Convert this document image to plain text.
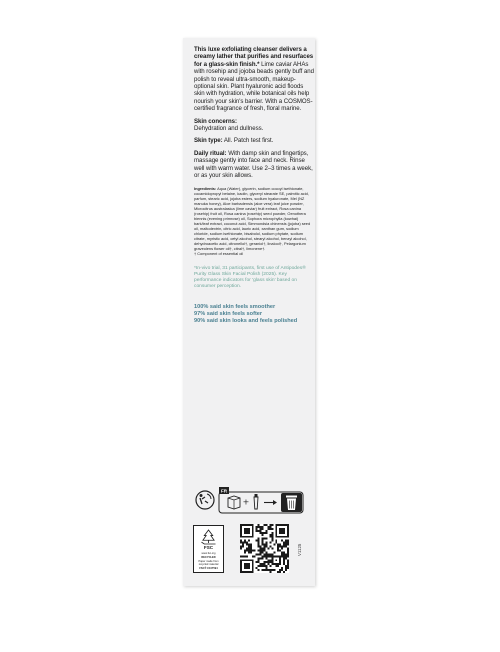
This luxe exfoliating cleanser delivers a creamy lather that purifies and resurfaces for a glass-skin finish.* Lime caviar AHAs with rosehip and jojoba beads gently buff and polish to reveal ultra-smooth, makeup-optional skin. Plant hyaluronic acid floods skin with hydration, while botanical oils help nourish your skin's barrier. With a COSMOS-certified fragrance of fresh, floral marine.

Skin concerns:
Dehydration and dullness.

Skin type: All. Patch test first.

Daily ritual: With damp skin and fingertips, massage gently into face and neck. Rinse well with warm water. Use 2–3 times a week, or as your skin allows.

Ingredients: Aqua (Water), glycerin, sodium cocoyl isethionate, cocamidopropyl betaine, kaolin, glyceryl stearate SE, palmitic acid, parfum, stearic acid, jojoba esters, sodium hyaluronate, Mel (NZ manuka honey), Aloe barbadensis (aloe vera) leaf juice powder, Microcitrus australasica (lime caviar) fruit extract, Rosa canina (rosehip) fruit oil, Rosa canina (rosehip) seed powder, Oenothera biennis (evening primrose) oil, Sophora microphylla (kowhai) bark/leaf extract, coconut acid, Simmondsia chinensis (jojoba) seed oil, maltodextrin, citric acid, lauric acid, xanthan gum, sodium chloride, sodium isethionate, bisabolol, sodium phytate, sodium citrate, myristic acid, cetyl alcohol, stearyl alcohol, benzyl alcohol, dehydroacetic acid, citronellol†, geraniol†, linalool†, Pelargonium graveolens flower oil†, citral†, limonene†.

† Component of essential oil

*In-vivo trial, 31 participants, first use of Antipodes® Purity Glass Skin Facial Polish (2025). Key performance indicators for 'glass skin' based on consumer perception.

100% said skin feels smoother

97% said skin feels softer

90% said skin looks and feels polished

FR
+
FSC
www.fsc.org
RECYCLED
Paper made from recycled material
FSC® C107594
V1125
